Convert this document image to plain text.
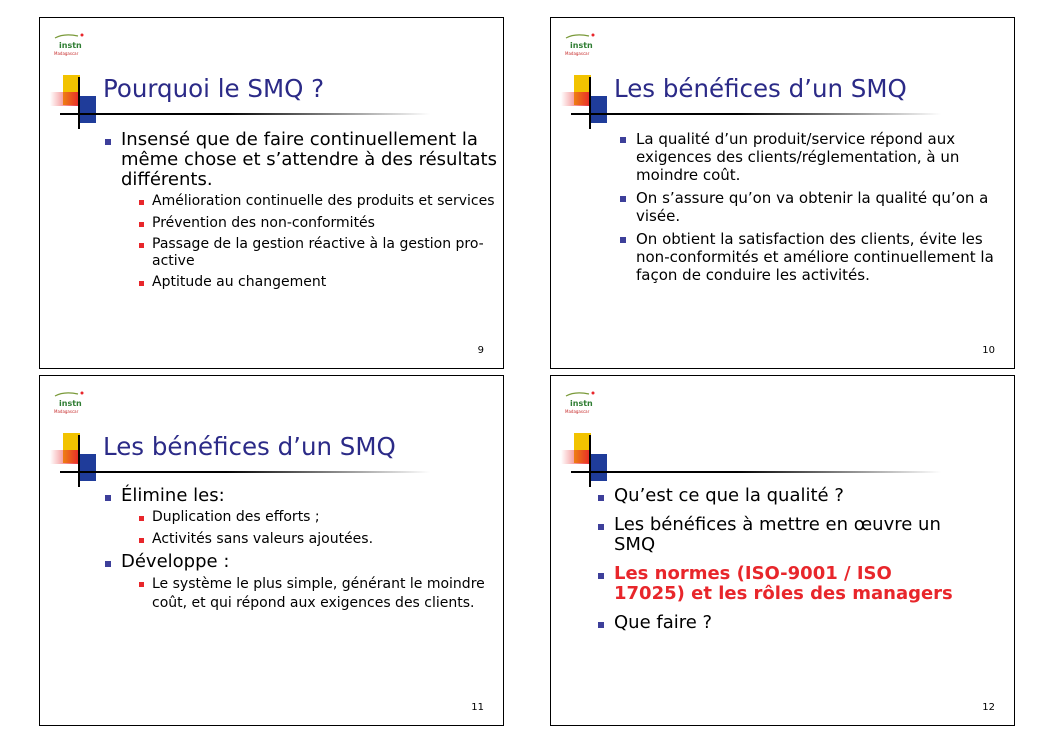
instn
Madagascar
Pourquoi le SMQ ?
Insensé que de faire continuellement la même chose et s’attendre à des résultats différents.
Amélioration continuelle des produits et services
Prévention des non-conformités
Passage de la gestion réactive à la gestion pro-active
Aptitude au changement
9
instn
Madagascar
Les bénéfices d’un SMQ
La qualité d’un produit/service répond aux exigences des clients/réglementation, à un moindre coût.
On s’assure qu’on va obtenir la qualité qu’on a visée.
On obtient la satisfaction des clients, évite les non-conformités et améliore continuellement la façon de conduire les activités.
10
instn
Madagascar
Les bénéfices d’un SMQ
Élimine les:
Duplication des efforts ;
Activités sans valeurs ajoutées.
Développe :
Le système le plus simple, générant le moindre coût, et qui répond aux exigences des clients.
11
instn
Madagascar
Qu’est ce que la qualité ?
Les bénéfices à mettre en œuvre un SMQ
Les normes (ISO-9001 / ISO 17025) et les rôles des managers
Que faire ?
12
